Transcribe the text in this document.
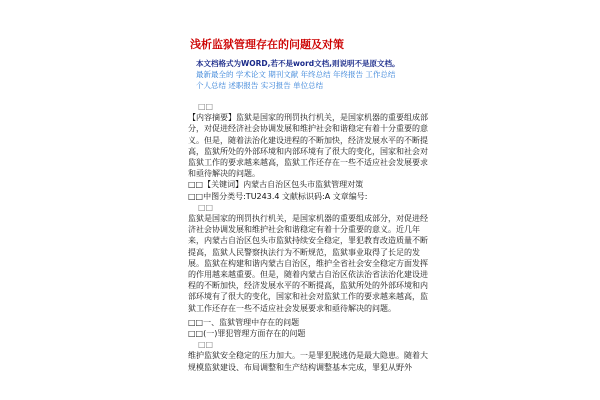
浅析监狱管理存在的问题及对策
本文档格式为WORD,若不是word文档,则说明不是原文档。
最新最全的 学术论文 期刊文献 年终总结 年终报告 工作总结
个人总结 述职报告 实习报告 单位总结

□□

【内容摘要】监狱是国家的刑罚执行机关，是国家机器的重要组成部分，对促进经济社会协调发展和维护社会和谐稳定有着十分重要的意义。但是，随着法治化建设进程的不断加快，经济发展水平的不断提高，监狱所处的外部环境和内部环境有了很大的变化，国家和社会对监狱工作的要求越来越高，监狱工作还存在一些不适应社会发展要求和亟待解决的问题。

□□【关键词】内蒙古自治区包头市监狱管理对策

□□中图分类号:TU243.4 文献标识码:A 文章编号:

□□

监狱是国家的刑罚执行机关，是国家机器的重要组成部分，对促进经济社会协调发展和维护社会和谐稳定有着十分重要的意义。近几年来，内蒙古自治区包头市监狱持续安全稳定，罪犯教育改造质量不断提高，监狱人民警察执法行为不断规范，监狱事业取得了长足的发展。监狱在构建和谐内蒙古自治区，维护全省社会安全稳定方面发挥的作用越来越重要。但是，随着内蒙古自治区依法治省法治化建设进程的不断加快，经济发展水平的不断提高，监狱所处的外部环境和内部环境有了很大的变化，国家和社会对监狱工作的要求越来越高，监狱工作还存在一些不适应社会发展要求和亟待解决的问题。

□□一、监狱管理中存在的问题

□□(一)罪犯管理方面存在的问题

□□

维护监狱安全稳定的压力加大。一是罪犯脱逃仍是最大隐患。随着大规模监狱建设、布局调整和生产结构调整基本完成，罪犯从野外
